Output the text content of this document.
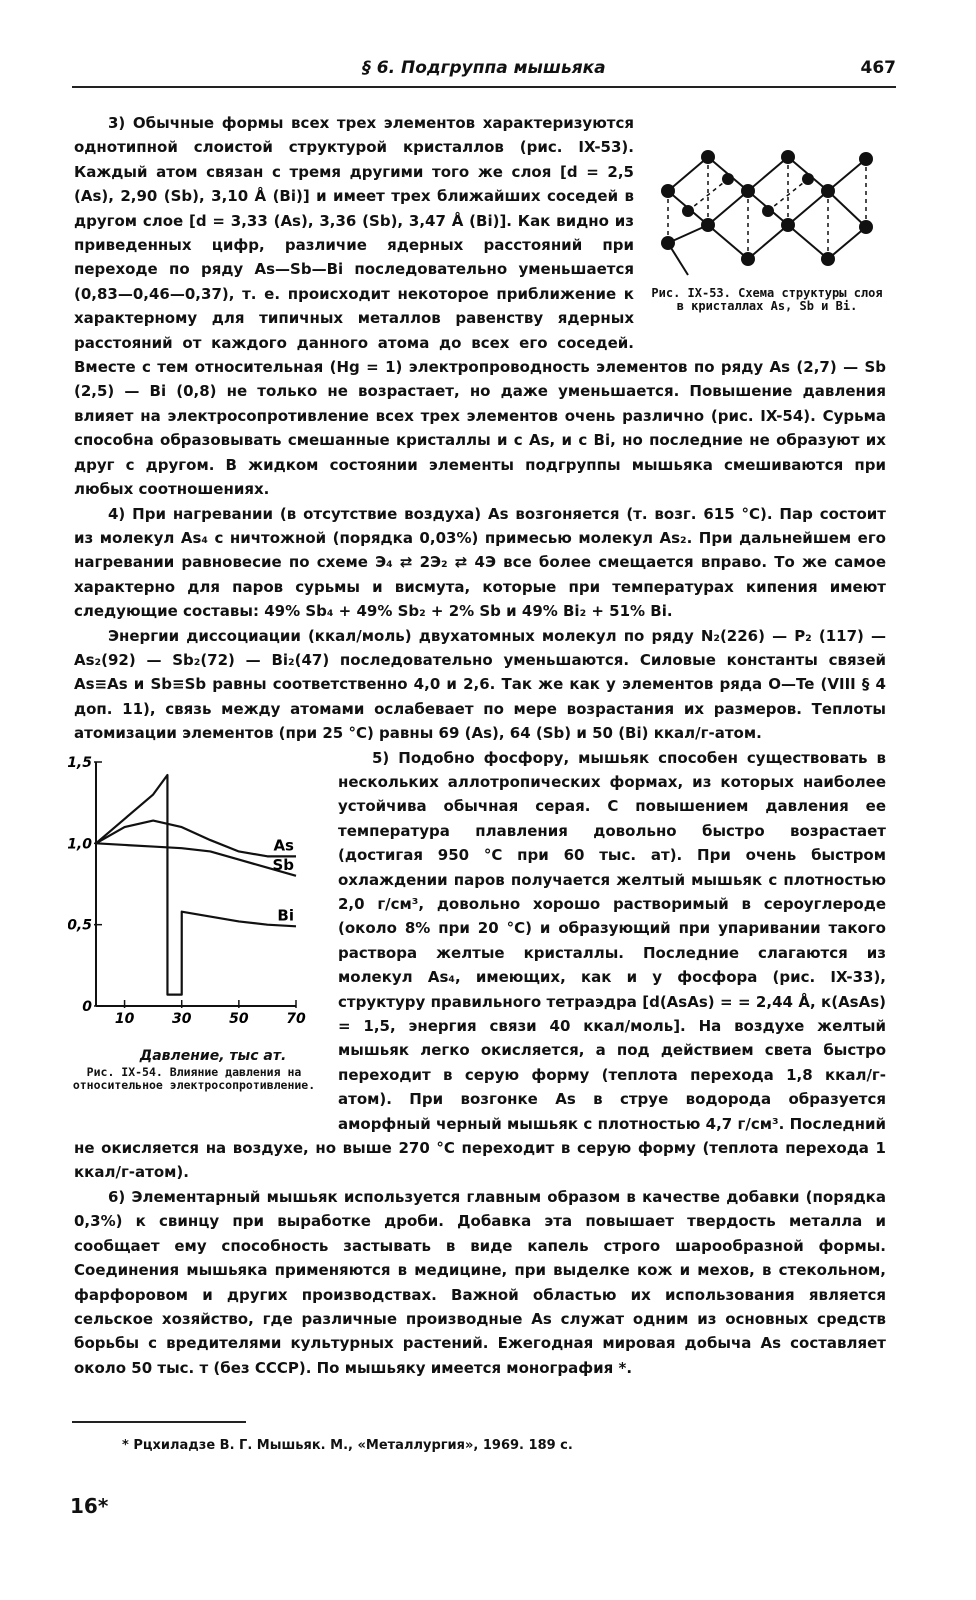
§ 6. Подгруппа мышьяка	467
Рис. IX-53. Схема структуры слоя в кристаллах As, Sb и Bi.

3) Обычные формы всех трех элементов характеризуются однотипной слоистой структурой кристаллов (рис. IX-53). Каждый атом связан с тремя другими того же слоя [d = 2,5 (As), 2,90 (Sb), 3,10 Å (Bi)] и имеет трех ближайших соседей в другом слое [d = 3,33 (As), 3,36 (Sb), 3,47 Å (Bi)]. Как видно из приведенных цифр, различие ядерных расстояний при переходе по ряду As—Sb—Bi последовательно уменьшается (0,83—0,46—0,37), т. е. происходит некоторое приближение к характерному для типичных металлов равенству ядерных расстояний от каждого данного атома до всех его соседей. Вместе с тем относительная (Hg = 1) электропроводность элементов по ряду As (2,7) — Sb (2,5) — Bi (0,8) не только не возрастает, но даже уменьшается. Повышение давления влияет на электросопротивление всех трех элементов очень различно (рис. IX-54). Сурьма способна образовывать смешанные кристаллы и с As, и с Bi, но последние не образуют их друг с другом. В жидком состоянии элементы подгруппы мышьяка смешиваются при любых соотношениях.

4) При нагревании (в отсутствие воздуха) As возгоняется (т. возг. 615 °С). Пар состоит из молекул As₄ с ничтожной (порядка 0,03%) примесью молекул As₂. При дальнейшем его нагревании равновесие по схеме Э₄ ⇄ 2Э₂ ⇄ 4Э все более смещается вправо. То же самое характерно для паров сурьмы и висмута, которые при температурах кипения имеют следующие составы: 49% Sb₄ + 49% Sb₂ + 2% Sb и 49% Bi₂ + 51% Bi.

Энергии диссоциации (ккал/моль) двухатомных молекул по ряду N₂(226) — P₂ (117) — As₂(92) — Sb₂(72) — Bi₂(47) последовательно уменьшаются. Силовые константы связей As≡As и Sb≡Sb равны соответственно 4,0 и 2,6. Так же как у элементов ряда O—Te (VIII § 4 доп. 11), связь между атомами ослабевает по мере возрастания их размеров. Теплоты атомизации элементов (при 25 °С) равны 69 (As), 64 (Sb) и 50 (Bi) ккал/г-атом.

10	30	50	70
0
0,5
1,0
1,5
As
Sb
Bi
Давление, тыс ат.
Рис. IX-54. Влияние давления на относительное электросопротивление.

5) Подобно фосфору, мышьяк способен существовать в нескольких аллотропических формах, из которых наиболее устойчива обычная серая. С повышением давления ее температура плавления довольно быстро возрастает (достигая 950 °С при 60 тыс. ат). При очень быстром охлаждении паров получается желтый мышьяк с плотностью 2,0 г/см³, довольно хорошо растворимый в сероуглероде (около 8% при 20 °С) и образующий при упаривании такого раствора желтые кристаллы. Последние слагаются из молекул As₄, имеющих, как и у фосфора (рис. IX-33), структуру правильного тетраэдра [d(AsAs) = = 2,44 Å, к(AsAs) = 1,5, энергия связи 40 ккал/моль]. На воздухе желтый мышьяк легко окисляется, а под действием света быстро переходит в серую форму (теплота перехода 1,8 ккал/г-атом). При возгонке As в струе водорода образуется аморфный черный мышьяк с плотностью 4,7 г/см³. Последний не окисляется на воздухе, но выше 270 °С переходит в серую форму (теплота перехода 1 ккал/г-атом).

6) Элементарный мышьяк используется главным образом в качестве добавки (порядка 0,3%) к свинцу при выработке дроби. Добавка эта повышает твердость металла и сообщает ему способность застывать в виде капель строго шарообразной формы. Соединения мышьяка применяются в медицине, при выделке кож и мехов, в стекольном, фарфоровом и других производствах. Важной областью их использования является сельское хозяйство, где различные производные As служат одним из основных средств борьбы с вредителями культурных растений. Ежегодная мировая добыча As составляет около 50 тыс. т (без СССР). По мышьяку имеется монография *.

* Рцхиладзе В. Г. Мышьяк. М., «Металлургия», 1969. 189 с.
16*
